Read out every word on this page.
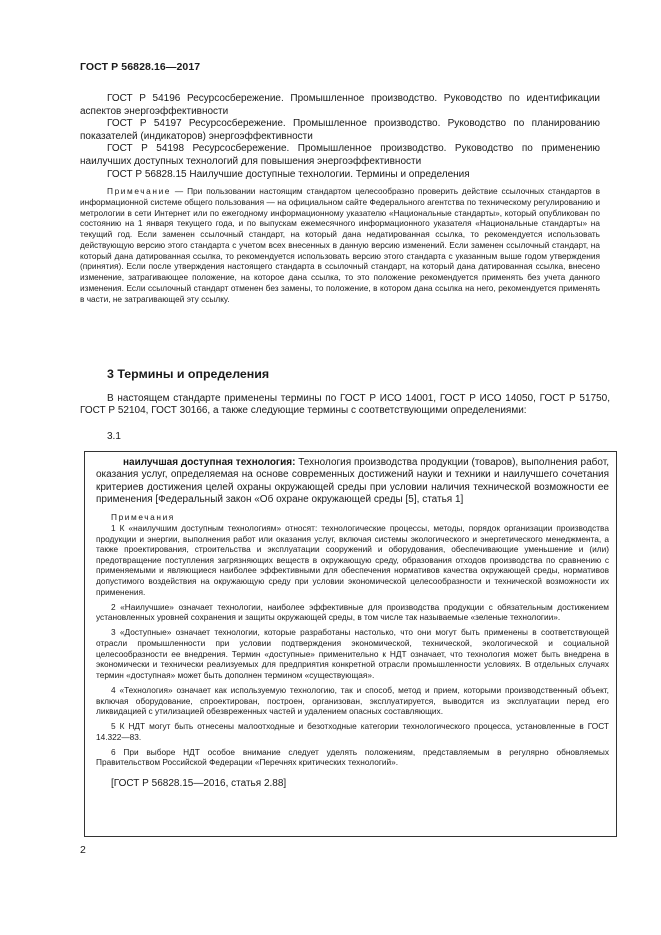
ГОСТ Р 56828.16—2017

ГОСТ Р 54196 Ресурсосбережение. Промышленное производство. Руководство по идентификации аспектов энергоэффективности

ГОСТ Р 54197 Ресурсосбережение. Промышленное производство. Руководство по планированию показателей (индикаторов) энергоэффективности

ГОСТ Р 54198 Ресурсосбережение. Промышленное производство. Руководство по применению наилучших доступных технологий для повышения энергоэффективности

ГОСТ Р 56828.15 Наилучшие доступные технологии. Термины и определения

Примечание — При пользовании настоящим стандартом целесообразно проверить действие ссылочных стандартов в информационной системе общего пользования — на официальном сайте Федерального агентства по техническому регулированию и метрологии в сети Интернет или по ежегодному информационному указателю «Национальные стандарты», который опубликован по состоянию на 1 января текущего года, и по выпускам ежемесячного информационного указателя «Национальные стандарты» на текущий год. Если заменен ссылочный стандарт, на который дана недатированная ссылка, то рекомендуется использовать действующую версию этого стандарта с учетом всех внесенных в данную версию изменений. Если заменен ссылочный стандарт, на который дана датированная ссылка, то рекомендуется использовать версию этого стандарта с указанным выше годом утверждения (принятия). Если после утверждения настоящего стандарта в ссылочный стандарт, на который дана датированная ссылка, внесено изменение, затрагивающее положение, на которое дана ссылка, то это положение рекомендуется применять без учета данного изменения. Если ссылочный стандарт отменен без замены, то положение, в котором дана ссылка на него, рекомендуется применять в части, не затрагивающей эту ссылку.

3 Термины и определения

В настоящем стандарте применены термины по ГОСТ Р ИСО 14001, ГОСТ Р ИСО 14050, ГОСТ Р 51750, ГОСТ Р 52104, ГОСТ 30166, а также следующие термины с соответствующими определениями:

3.1

наилучшая доступная технология: Технология производства продукции (товаров), выполнения работ, оказания услуг, определяемая на основе современных достижений науки и техники и наилучшего сочетания критериев достижения целей охраны окружающей среды при условии наличия технической возможности ее применения [Федеральный закон «Об охране окружающей среды [5], статья 1]

Примечания

1 К «наилучшим доступным технологиям» относят: технологические процессы, методы, порядок организации производства продукции и энергии, выполнения работ или оказания услуг, включая системы экологического и энергетического менеджмента, а также проектирования, строительства и эксплуатации сооружений и оборудования, обеспечивающие уменьшение и (или) предотвращение поступления загрязняющих веществ в окружающую среду, образования отходов производства по сравнению с применяемыми и являющиеся наиболее эффективными для обеспечения нормативов качества окружающей среды, нормативов допустимого воздействия на окружающую среду при условии экономической целесообразности и технической возможности их применения.

2 «Наилучшие» означает технологии, наиболее эффективные для производства продукции с обязательным достижением установленных уровней сохранения и защиты окружающей среды, в том числе так называемые «зеленые технологии».

3 «Доступные» означает технологии, которые разработаны настолько, что они могут быть применены в соответствующей отрасли промышленности при условии подтверждения экономической, технической, экологической и социальной целесообразности ее внедрения. Термин «доступные» применительно к НДТ означает, что технология может быть внедрена в экономически и технически реализуемых для предприятия конкретной отрасли промышленности условиях. В отдельных случаях термин «доступная» может быть дополнен термином «существующая».

4 «Технология» означает как используемую технологию, так и способ, метод и прием, которыми производственный объект, включая оборудование, спроектирован, построен, организован, эксплуатируется, выводится из эксплуатации перед его ликвидацией с утилизацией обезвреженных частей и удалением опасных составляющих.

5 К НДТ могут быть отнесены малоотходные и безотходные категории технологического процесса, установленные в ГОСТ 14.322—83.

6 При выборе НДТ особое внимание следует уделять положениям, представляемым в регулярно обновляемых Правительством Российской Федерации «Перечнях критических технологий».

[ГОСТ Р 56828.15—2016, статья 2.88]

2
